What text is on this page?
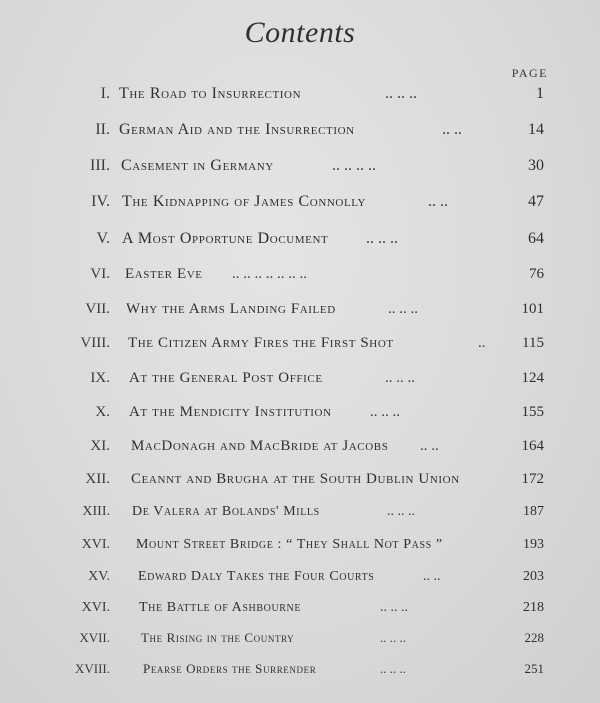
Contents
PAGE
I. The Road to Insurrection	.. .. ..	1
II. German Aid and the Insurrection	.. ..	14
III. Casement in Germany	.. .. .. ..	30
IV. The Kidnapping of James Connolly	.. ..	47
V. A Most Opportune Document .. .. ..	64
VI. Easter Eve .. .. .. .. .. .. ..	76
VII. Why the Arms Landing Failed	.. .. ..	101
VIII. The Citizen Army Fires the First Shot	.. 115
IX. At the General Post Office	.. .. ..	124
X. At the Mendicity Institution	.. .. ..	155
XI. MacDonagh and MacBride at Jacobs .. ..	164
XII. Ceannt and Brugha at the South Dublin Union	172
XIII. De Valera at Bolands' Mills	.. .. ..	187
XVI. Mount Street Bridge : “ They Shall Not Pass ”	193
XV. Edward Daly Takes the Four Courts	.. ..	203
XVI. The Battle of Ashbourne	.. .. ..	218
XVII. The Rising in the Country	.. .. ..	228
XVIII.	Pearse Orders the Surrender	.. .. ..	251
